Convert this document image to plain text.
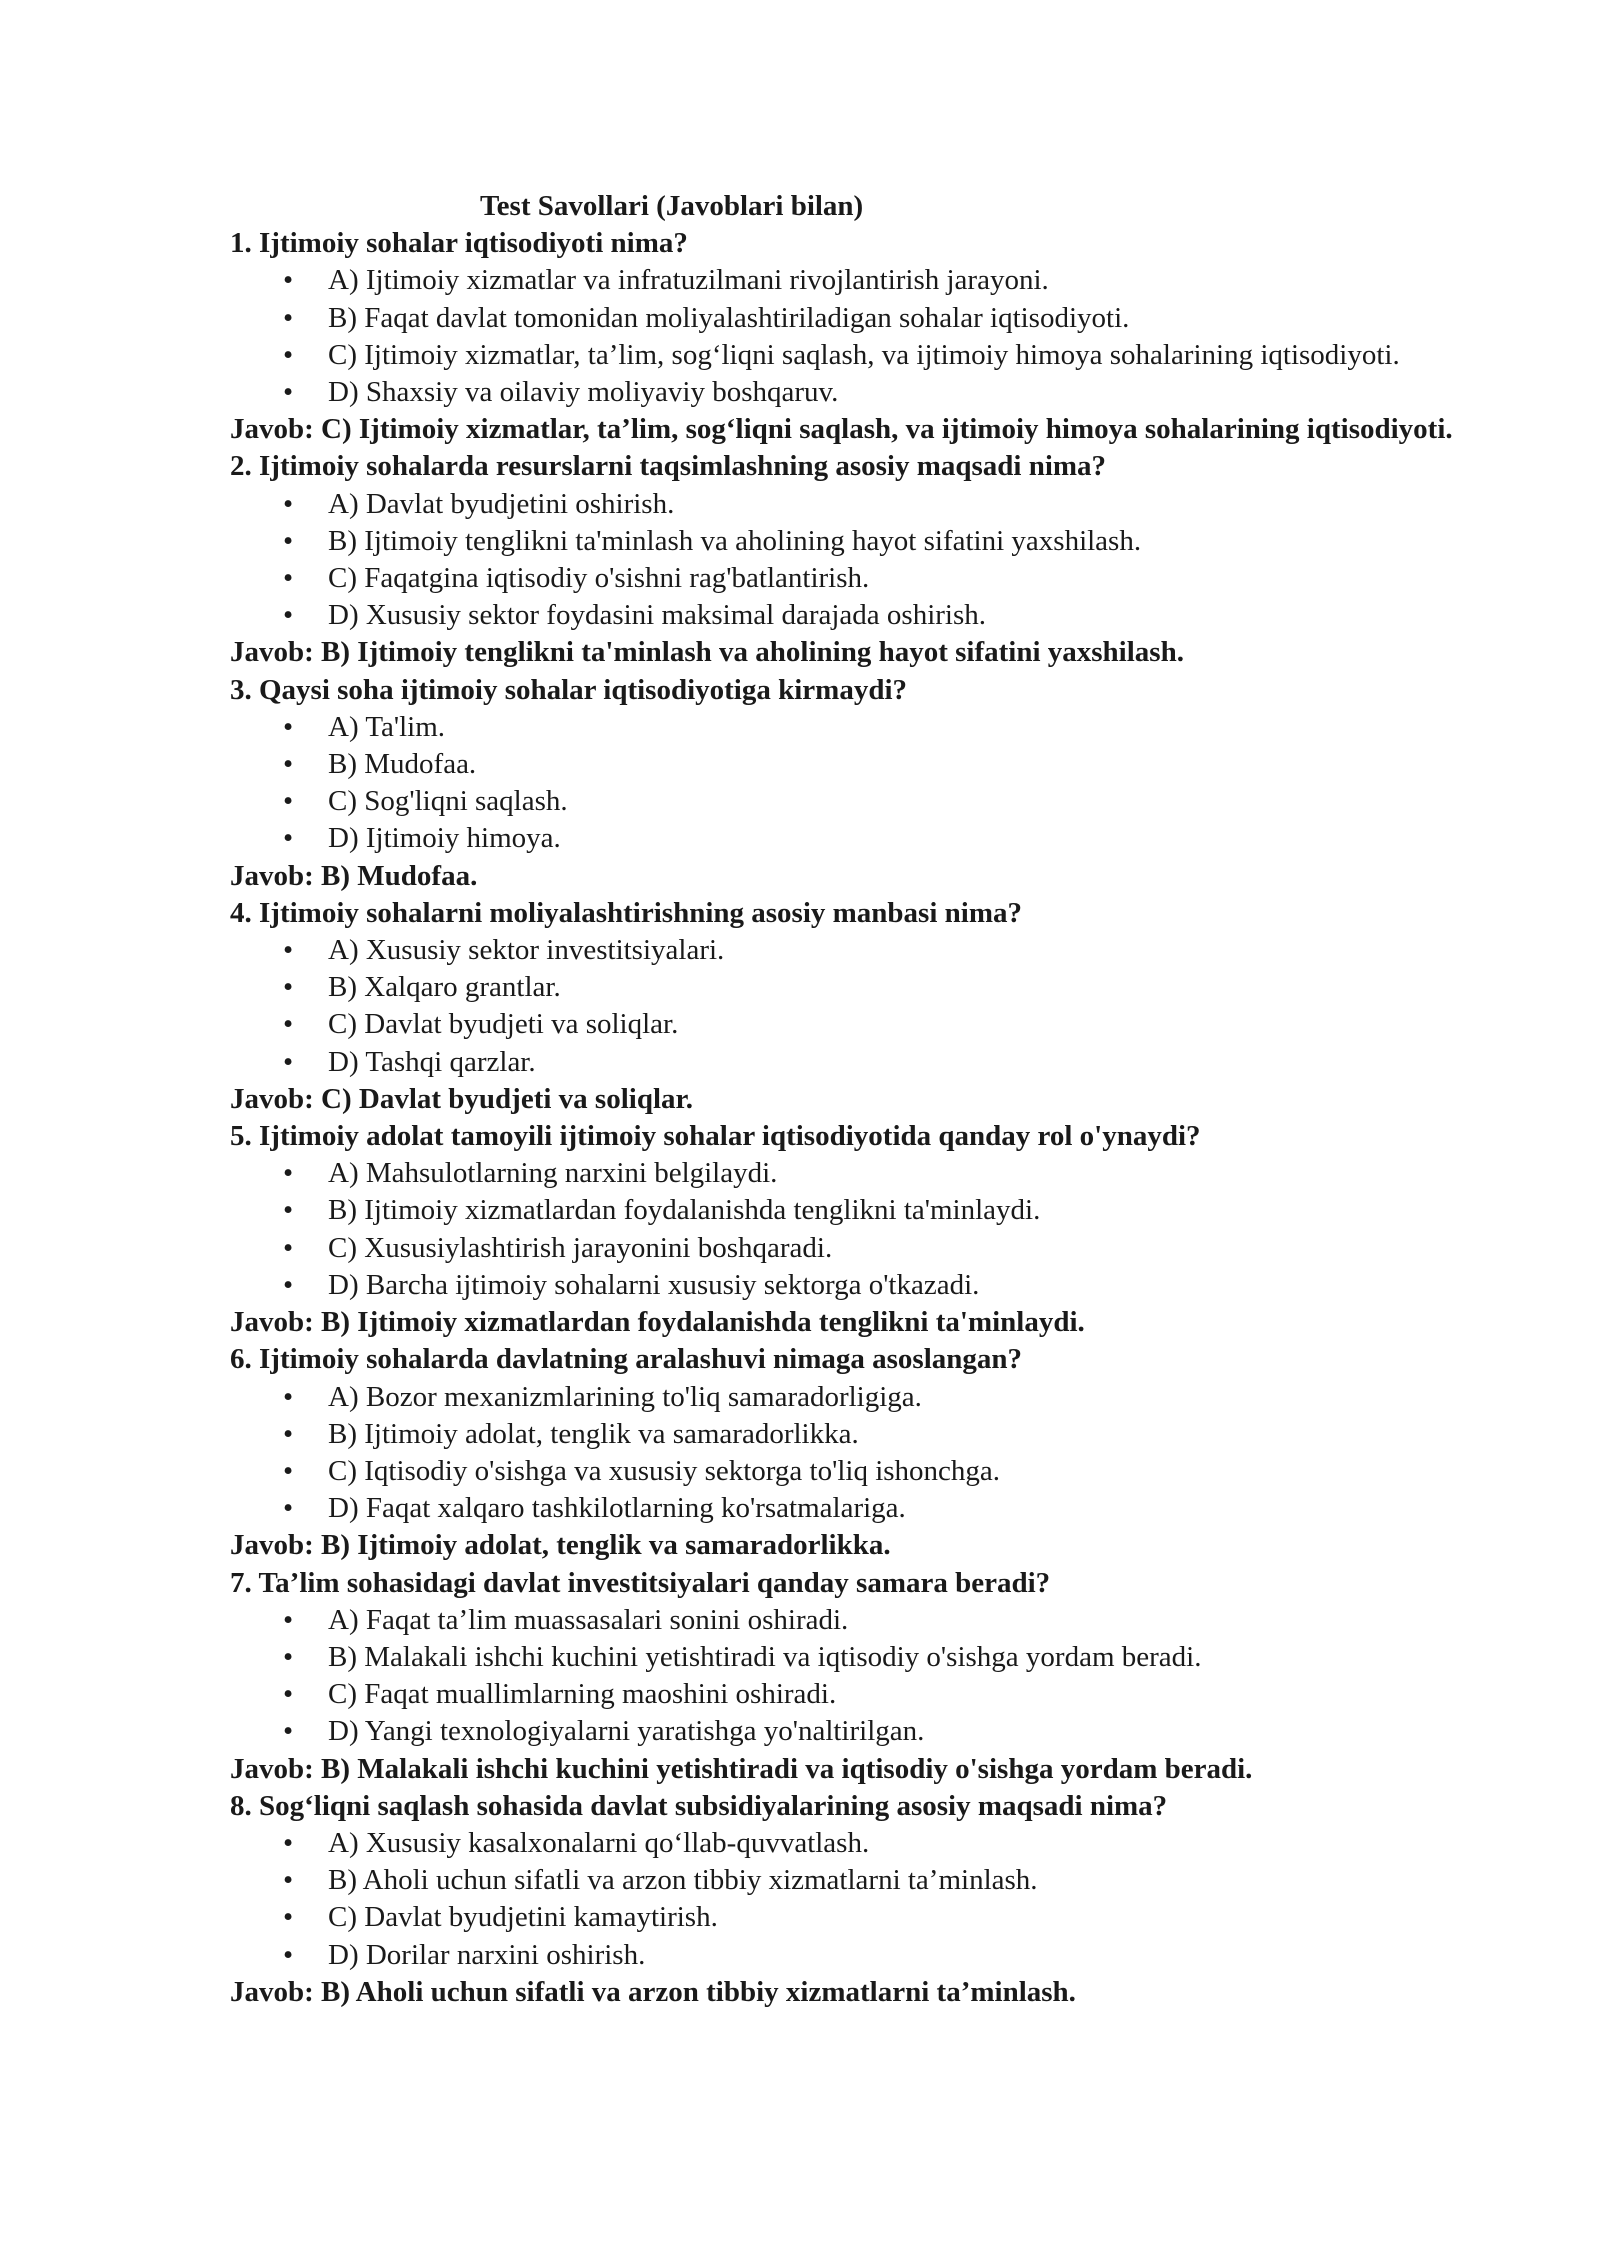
Test Savollari (Javoblari bilan)

1. Ijtimoiy sohalar iqtisodiyoti nima?

• A) Ijtimoiy xizmatlar va infratuzilmani rivojlantirish jarayoni.
• B) Faqat davlat tomonidan moliyalashtiriladigan sohalar iqtisodiyoti.
• C) Ijtimoiy xizmatlar, ta’lim, sog‘liqni saqlash, va ijtimoiy himoya sohalarining iqtisodiyoti.
• D) Shaxsiy va oilaviy moliyaviy boshqaruv.

Javob: C) Ijtimoiy xizmatlar, ta’lim, sog‘liqni saqlash, va ijtimoiy himoya sohalarining iqtisodiyoti.

2. Ijtimoiy sohalarda resurslarni taqsimlashning asosiy maqsadi nima?

• A) Davlat byudjetini oshirish.
• B) Ijtimoiy tenglikni ta'minlash va aholining hayot sifatini yaxshilash.
• C) Faqatgina iqtisodiy o'sishni rag'batlantirish.
• D) Xususiy sektor foydasini maksimal darajada oshirish.

Javob: B) Ijtimoiy tenglikni ta'minlash va aholining hayot sifatini yaxshilash.

3. Qaysi soha ijtimoiy sohalar iqtisodiyotiga kirmaydi?

• A) Ta'lim.
• B) Mudofaa.
• C) Sog'liqni saqlash.
• D) Ijtimoiy himoya.

Javob: B) Mudofaa.

4. Ijtimoiy sohalarni moliyalashtirishning asosiy manbasi nima?

• A) Xususiy sektor investitsiyalari.
• B) Xalqaro grantlar.
• C) Davlat byudjeti va soliqlar.
• D) Tashqi qarzlar.

Javob: C) Davlat byudjeti va soliqlar.

5. Ijtimoiy adolat tamoyili ijtimoiy sohalar iqtisodiyotida qanday rol o'ynaydi?

• A) Mahsulotlarning narxini belgilaydi.
• B) Ijtimoiy xizmatlardan foydalanishda tenglikni ta'minlaydi.
• C) Xususiylashtirish jarayonini boshqaradi.
• D) Barcha ijtimoiy sohalarni xususiy sektorga o'tkazadi.

Javob: B) Ijtimoiy xizmatlardan foydalanishda tenglikni ta'minlaydi.

6. Ijtimoiy sohalarda davlatning aralashuvi nimaga asoslangan?

• A) Bozor mexanizmlarining to'liq samaradorligiga.
• B) Ijtimoiy adolat, tenglik va samaradorlikka.
• C) Iqtisodiy o'sishga va xususiy sektorga to'liq ishonchga.
• D) Faqat xalqaro tashkilotlarning ko'rsatmalariga.

Javob: B) Ijtimoiy adolat, tenglik va samaradorlikka.

7. Ta’lim sohasidagi davlat investitsiyalari qanday samara beradi?

• A) Faqat ta’lim muassasalari sonini oshiradi.
• B) Malakali ishchi kuchini yetishtiradi va iqtisodiy o'sishga yordam beradi.
• C) Faqat muallimlarning maoshini oshiradi.
• D) Yangi texnologiyalarni yaratishga yo'naltirilgan.

Javob: B) Malakali ishchi kuchini yetishtiradi va iqtisodiy o'sishga yordam beradi.

8. Sog‘liqni saqlash sohasida davlat subsidiyalarining asosiy maqsadi nima?

• A) Xususiy kasalxonalarni qo‘llab-quvvatlash.
• B) Aholi uchun sifatli va arzon tibbiy xizmatlarni ta’minlash.
• C) Davlat byudjetini kamaytirish.
• D) Dorilar narxini oshirish.

Javob: B) Aholi uchun sifatli va arzon tibbiy xizmatlarni ta’minlash.
